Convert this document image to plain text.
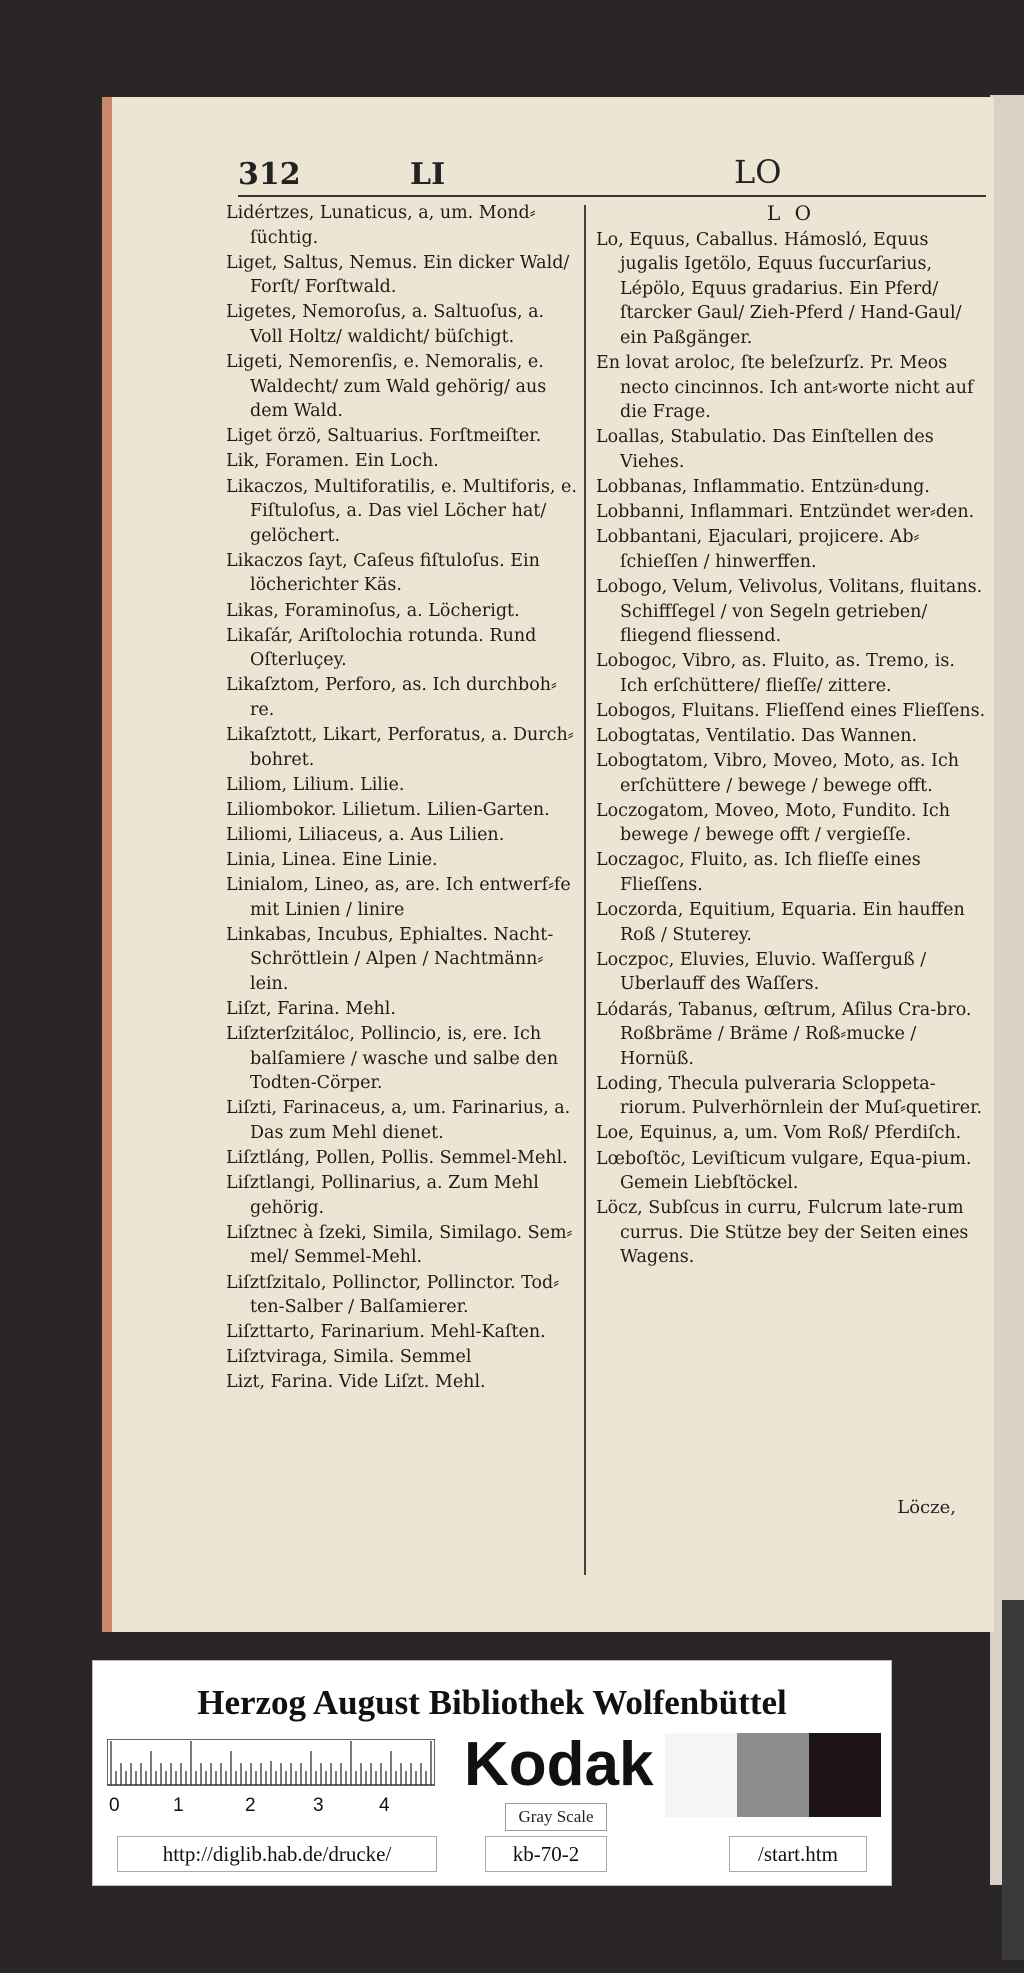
312	LI	LO
Lidértzes, Lunaticus, a, um. Mond⸗ſüchtig.
Liget, Saltus, Nemus. Ein dicker Wald/ Forſt/ Forſtwald.
Ligetes, Nemoroſus, a. Saltuoſus, a. Voll Holtz/ waldicht/ büſchigt.
Ligeti, Nemorenſis, e. Nemoralis, e. Waldecht/ zum Wald gehörig/ aus dem Wald.
Liget örzö, Saltuarius. Forſtmeiſter.
Lik, Foramen. Ein Loch.
Likaczos, Multiforatilis, e. Multiforis, e. Fiſtuloſus, a. Das viel Löcher hat/ gelöchert.
Likaczos ſayt, Caſeus fiſtuloſus. Ein löcherichter Käs.
Likas, Foraminoſus, a. Löcherigt.
Likaſár, Ariſtolochia rotunda. Rund Oſterluçey.
Likaſztom, Perforo, as. Ich durchboh⸗re.
Likaſztott, Likart, Perforatus, a. Durch⸗bohret.
Liliom, Lilium. Lilie.
Liliombokor. Lilietum. Lilien-Garten.
Liliomi, Liliaceus, a. Aus Lilien.
Linia, Linea. Eine Linie.
Linialom, Lineo, as, are. Ich entwerf⸗fe mit Linien / linire
Linkabas, Incubus, Ephialtes. Nacht-Schröttlein / Alpen / Nachtmänn⸗lein.
Liſzt, Farina. Mehl.
Liſzterſzitáloc, Pollincio, is, ere. Ich balſamiere / wasche und salbe den Todten-Cörper.
Liſzti, Farinaceus, a, um. Farinarius, a. Das zum Mehl dienet.
Liſztláng, Pollen, Pollis. Semmel-Mehl.
Liſztlangi, Pollinarius, a. Zum Mehl gehörig.
Liſztnec à ſzeki, Simila, Similago. Sem⸗mel/ Semmel-Mehl.
Liſztſzitalo, Pollinctor, Pollinctor. Tod⸗ten-Salber / Balſamierer.
Liſzttarto, Farinarium. Mehl-Kaſten.
Liſztviraga, Simila. Semmel
Lizt, Farina. Vide Liſzt. Mehl.
L O
Lo, Equus, Caballus. Hámosló, Equus jugalis Igetölo, Equus ſuccurſarius, Lépölo, Equus gradarius. Ein Pferd/ ſtarcker Gaul/ Zieh-Pferd / Hand-Gaul/ ein Paßgänger.
En lovat aroloc, ſte beleſzurſz. Pr. Meos necto cincinnos. Ich ant⸗worte nicht auf die Frage.
Loallas, Stabulatio. Das Einſtellen des Viehes.
Lobbanas, Inflammatio. Entzün⸗dung.
Lobbanni, Inflammari. Entzündet wer⸗den.
Lobbantani, Ejaculari, projicere. Ab⸗ſchieſſen / hinwerffen.
Lobogo, Velum, Velivolus, Volitans, fluitans. Schiffſegel / von Segeln getrieben/ fliegend fliessend.
Lobogoc, Vibro, as. Fluito, as. Tremo, is. Ich erſchüttere/ flieſſe/ zittere.
Lobogos, Fluitans. Flieſſend eines Flieſſens.
Lobogtatas, Ventilatio. Das Wannen.
Lobogtatom, Vibro, Moveo, Moto, as. Ich erſchüttere / bewege / bewege offt.
Loczogatom, Moveo, Moto, Fundito. Ich bewege / bewege offt / vergieſſe.
Loczagoc, Fluito, as. Ich flieſſe eines Flieſſens.
Loczorda, Equitium, Equaria. Ein hauffen Roß / Stuterey.
Loczpoc, Eluvies, Eluvio. Waſſerguß / Uberlauff des Waſſers.
Lódarás, Tabanus, œſtrum, Aſilus Cra-bro. Roßbräme / Bräme / Roß⸗mucke / Hornüß.
Loding, Thecula pulveraria Scloppeta-riorum. Pulverhörnlein der Muſ⸗quetirer.
Loe, Equinus, a, um. Vom Roß/ Pferdiſch.
Lœboſtöc, Leviſticum vulgare, Equa-pium. Gemein Liebſtöckel.
Löcz, Subſcus in curru, Fulcrum late-rum currus. Die Stütze bey der Seiten eines Wagens.
Löcze,
Herzog August Bibliothek Wolfenbüttel
0	1	2	3	4
Kodak
Gray Scale
http://diglib.hab.de/drucke/	kb-70-2	/start.htm
